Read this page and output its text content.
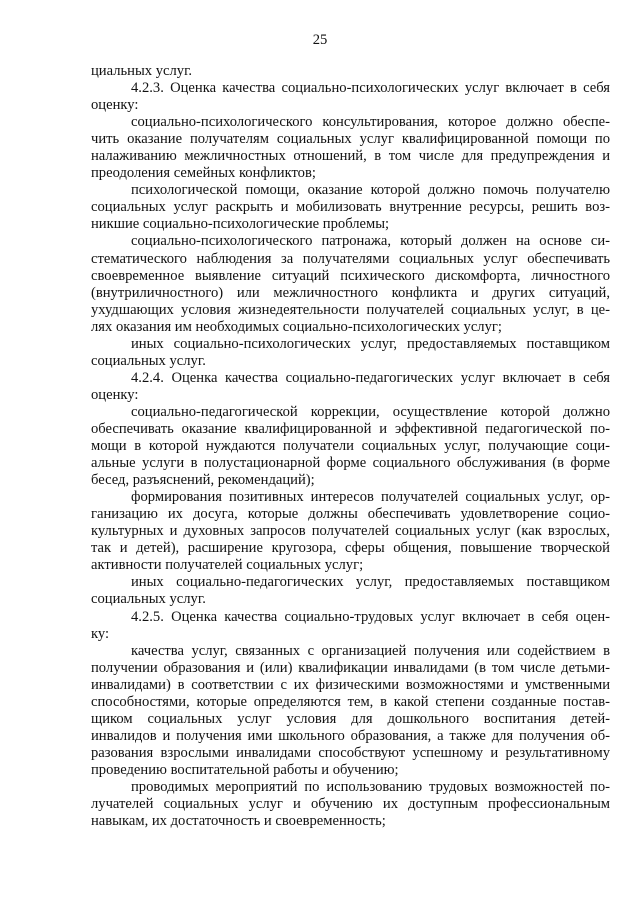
25
циальных услуг.
4.2.3. Оценка качества социально-психологических услуг включает в себя
оценку:
социально-психологического консультирования, которое должно обеспе-
чить оказание получателям социальных услуг квалифицированной помощи по
налаживанию межличностных отношений, в том числе для предупреждения и
преодоления семейных конфликтов;
психологической помощи, оказание которой должно помочь получателю
социальных услуг раскрыть и мобилизовать внутренние ресурсы, решить воз-
никшие социально-психологические проблемы;
социально-психологического патронажа, который должен на основе си-
стематического наблюдения за получателями социальных услуг обеспечивать
своевременное выявление ситуаций психического дискомфорта, личностного
(внутриличностного) или межличностного конфликта и других ситуаций,
ухудшающих условия жизнедеятельности получателей социальных услуг, в це-
лях оказания им необходимых социально-психологических услуг;
иных социально-психологических услуг, предоставляемых поставщиком
социальных услуг.
4.2.4. Оценка качества социально-педагогических услуг включает в себя
оценку:
социально-педагогической коррекции, осуществление которой должно
обеспечивать оказание квалифицированной и эффективной педагогической по-
мощи в которой нуждаются получатели социальных услуг, получающие соци-
альные услуги в полустационарной форме социального обслуживания (в форме
бесед, разъяснений, рекомендаций);
формирования позитивных интересов получателей социальных услуг, ор-
ганизацию их досуга, которые должны обеспечивать удовлетворение социо-
культурных и духовных запросов получателей социальных услуг (как взрослых,
так и детей), расширение кругозора, сферы общения, повышение творческой
активности получателей социальных услуг;
иных социально-педагогических услуг, предоставляемых поставщиком
социальных услуг.
4.2.5. Оценка качества социально-трудовых услуг включает в себя оцен-
ку:
качества услуг, связанных с организацией получения или содействием в
получении образования и (или) квалификации инвалидами (в том числе детьми-
инвалидами) в соответствии с их физическими возможностями и умственными
способностями, которые определяются тем, в какой степени созданные постав-
щиком социальных услуг условия для дошкольного воспитания детей-
инвалидов и получения ими школьного образования, а также для получения об-
разования взрослыми инвалидами способствуют успешному и результативному
проведению воспитательной работы и обучению;
проводимых мероприятий по использованию трудовых возможностей по-
лучателей социальных услуг и обучению их доступным профессиональным
навыкам, их достаточность и своевременность;
